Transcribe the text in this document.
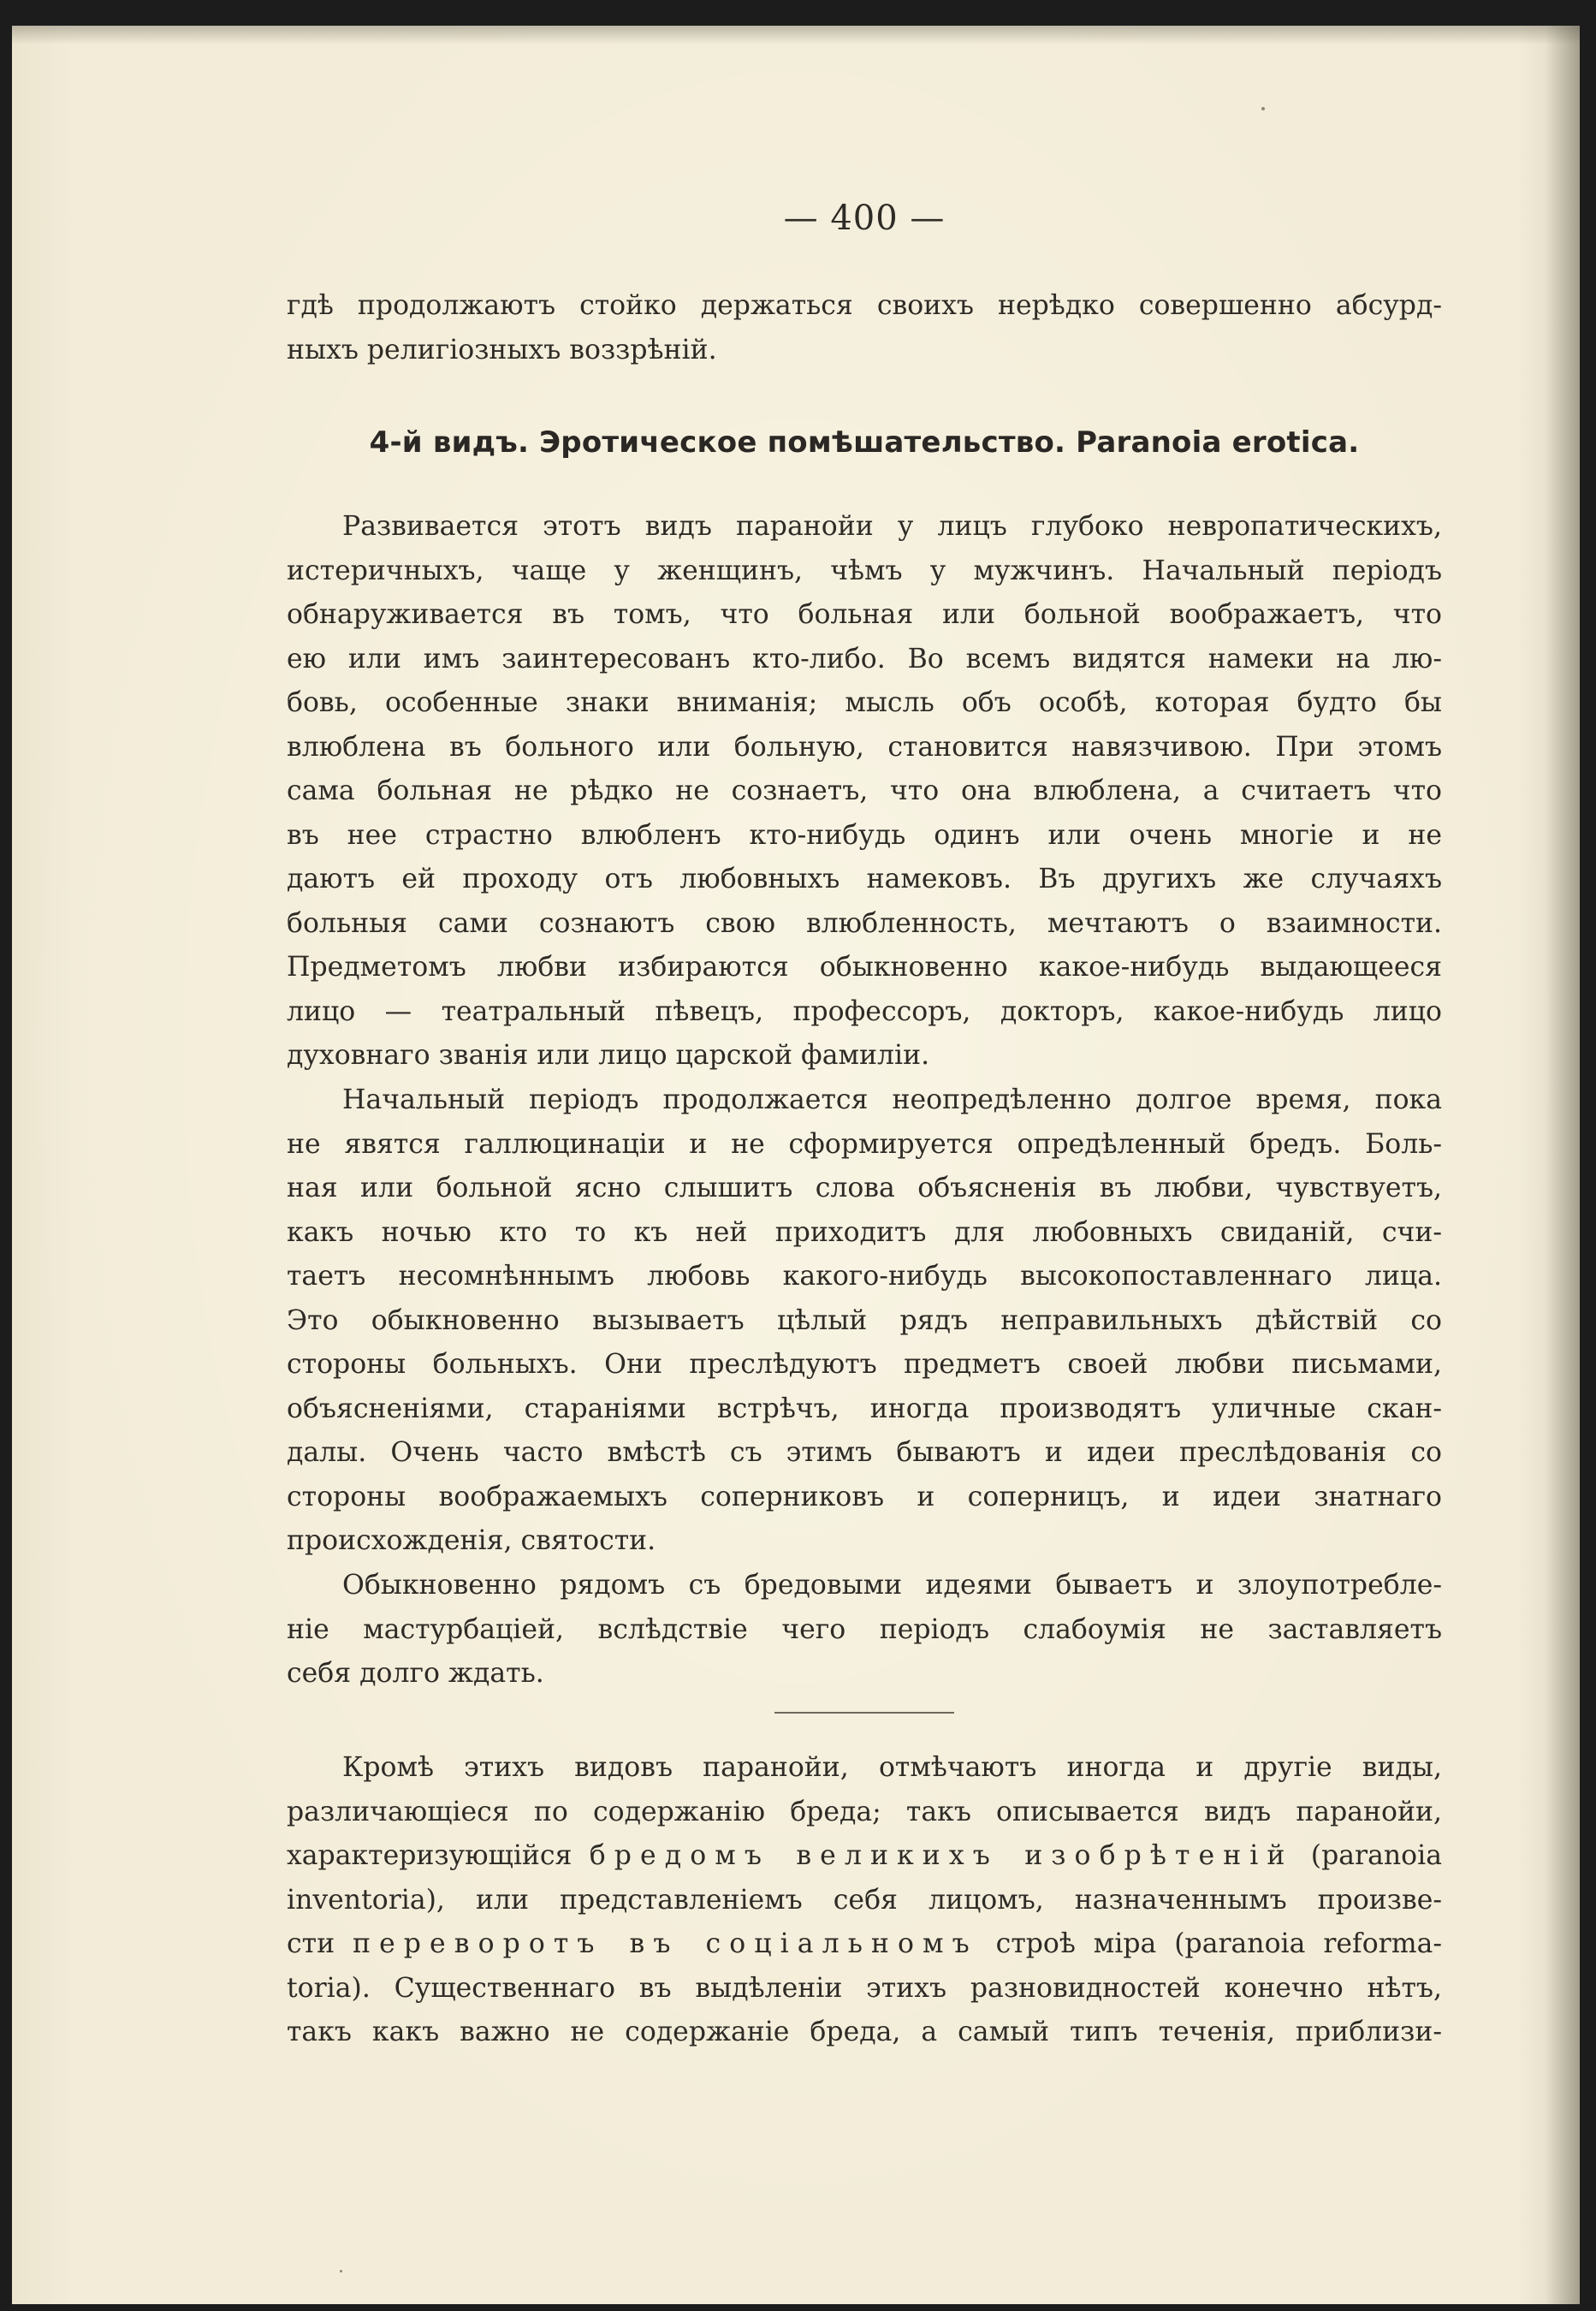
— 400 —

гдѣ продолжаютъ стойко держаться своихъ нерѣдко совершенно абсурд-
ныхъ религіозныхъ воззрѣній.

4-й видъ. Эротическое помѣшательство. Paranoia erotica.

Развивается этотъ видъ паранойи у лицъ глубоко невропатическихъ,
истеричныхъ, чаще у женщинъ, чѣмъ у мужчинъ. Начальный періодъ
обнаруживается въ томъ, что больная или больной воображаетъ, что
ею или имъ заинтересованъ кто-либо. Во всемъ видятся намеки на лю-
бовь, особенные знаки вниманія; мысль объ особѣ, которая будто бы
влюблена въ больного или больную, становится навязчивою. При этомъ
сама больная не рѣдко не сознаетъ, что она влюблена, а считаетъ что
въ нее страстно влюбленъ кто-нибудь одинъ или очень многіе и не
даютъ ей проходу отъ любовныхъ намековъ. Въ другихъ же случаяхъ
больныя сами сознаютъ свою влюбленность, мечтаютъ о взаимности.
Предметомъ любви избираются обыкновенно какое-нибудь выдающееся
лицо — театральный пѣвецъ, профессоръ, докторъ, какое-нибудь лицо
духовнаго званія или лицо царской фамиліи.

Начальный періодъ продолжается неопредѣленно долгое время, пока
не явятся галлюцинаціи и не сформируется опредѣленный бредъ. Боль-
ная или больной ясно слышитъ слова объясненія въ любви, чувствуетъ,
какъ ночью кто то къ ней приходитъ для любовныхъ свиданій, счи-
таетъ несомнѣннымъ любовь какого-нибудь высокопоставленнаго лица.
Это обыкновенно вызываетъ цѣлый рядъ неправильныхъ дѣйствій со
стороны больныхъ. Они преслѣдуютъ предметъ своей любви письмами,
объясненіями, стараніями встрѣчъ, иногда производятъ уличные скан-
далы. Очень часто вмѣстѣ съ этимъ бываютъ и идеи преслѣдованія со
стороны воображаемыхъ соперниковъ и соперницъ, и идеи знатнаго
происхожденія, святости.

Обыкновенно рядомъ съ бредовыми идеями бываетъ и злоупотребле-
ніе мастурбаціей, вслѣдствіе чего періодъ слабоумія не заставляетъ
себя долго ждать.

Кромѣ этихъ видовъ паранойи, отмѣчаютъ иногда и другіе виды,
различающіеся по содержанію бреда; такъ описывается видъ паранойи,
характеризующійся бредомъ великихъ изобрѣтеній (paranoia
inventoria), или представленіемъ себя лицомъ, назначеннымъ произве-
сти переворотъ въ соціальномъ строѣ міра (paranoia reforma-
toria). Существеннаго въ выдѣленіи этихъ разновидностей конечно нѣтъ,
такъ какъ важно не содержаніе бреда, а самый типъ теченія, приблизи-
